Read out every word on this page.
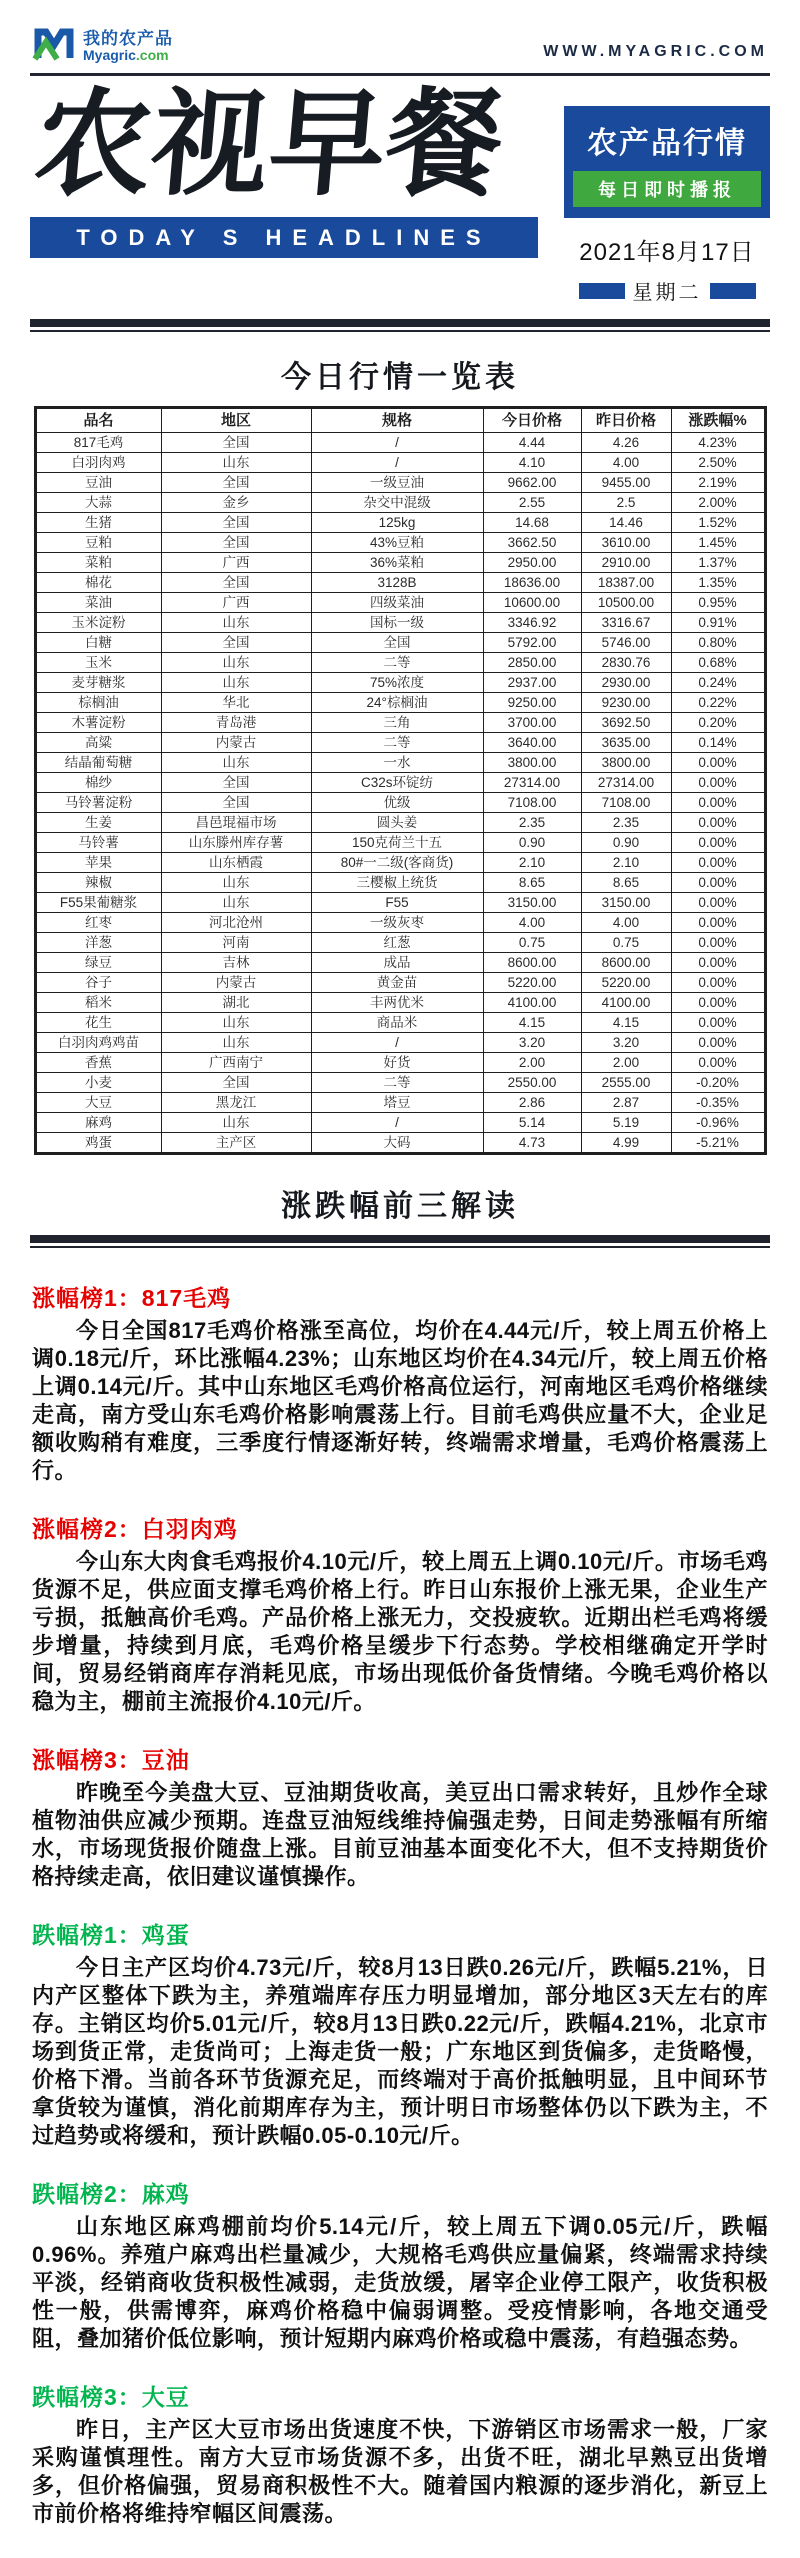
我的农产品
Myagric.com	WWW.MYAGRIC.COM
农视早餐
TODAY S HEADLINES
农产品行情
每日即时播报
2021年8月17日
星期二
今日行情一览表
品名	地区	规格	今日价格	昨日价格	涨跌幅%
817毛鸡	全国	/	4.44	4.26	4.23%
白羽肉鸡	山东	/	4.10	4.00	2.50%
豆油	全国	一级豆油	9662.00	9455.00	2.19%
大蒜	金乡	杂交中混级	2.55	2.5	2.00%
生猪	全国	125kg	14.68	14.46	1.52%
豆粕	全国	43%豆粕	3662.50	3610.00	1.45%
菜粕	广西	36%菜粕	2950.00	2910.00	1.37%
棉花	全国	3128B	18636.00	18387.00	1.35%
菜油	广西	四级菜油	10600.00	10500.00	0.95%
玉米淀粉	山东	国标一级	3346.92	3316.67	0.91%
白糖	全国	全国	5792.00	5746.00	0.80%
玉米	山东	二等	2850.00	2830.76	0.68%
麦芽糖浆	山东	75%浓度	2937.00	2930.00	0.24%
棕榈油	华北	24°棕榈油	9250.00	9230.00	0.22%
木薯淀粉	青岛港	三角	3700.00	3692.50	0.20%
高粱	内蒙古	二等	3640.00	3635.00	0.14%
结晶葡萄糖	山东	一水	3800.00	3800.00	0.00%
棉纱	全国	C32s环锭纺	27314.00	27314.00	0.00%
马铃薯淀粉	全国	优级	7108.00	7108.00	0.00%
生姜	昌邑琨福市场	圆头姜	2.35	2.35	0.00%
马铃薯	山东滕州库存薯	150克荷兰十五	0.90	0.90	0.00%
苹果	山东栖霞	80#一二级(客商货)	2.10	2.10	0.00%
辣椒	山东	三樱椒上统货	8.65	8.65	0.00%
F55果葡糖浆	山东	F55	3150.00	3150.00	0.00%
红枣	河北沧州	一级灰枣	4.00	4.00	0.00%
洋葱	河南	红葱	0.75	0.75	0.00%
绿豆	吉林	成品	8600.00	8600.00	0.00%
谷子	内蒙古	黄金苗	5220.00	5220.00	0.00%
稻米	湖北	丰两优米	4100.00	4100.00	0.00%
花生	山东	商品米	4.15	4.15	0.00%
白羽肉鸡鸡苗	山东	/	3.20	3.20	0.00%
香蕉	广西南宁	好货	2.00	2.00	0.00%
小麦	全国	二等	2550.00	2555.00	-0.20%
大豆	黑龙江	塔豆	2.86	2.87	-0.35%
麻鸡	山东	/	5.14	5.19	-0.96%
鸡蛋	主产区	大码	4.73	4.99	-5.21%
涨跌幅前三解读
涨幅榜1：817毛鸡

今日全国817毛鸡价格涨至高位，均价在4.44元/斤，较上周五价格上调0.18元/斤，环比涨幅4.23%；山东地区均价在4.34元/斤，较上周五价格上调0.14元/斤。其中山东地区毛鸡价格高位运行，河南地区毛鸡价格继续走高，南方受山东毛鸡价格影响震荡上行。目前毛鸡供应量不大，企业足额收购稍有难度，三季度行情逐渐好转，终端需求增量，毛鸡价格震荡上行。

涨幅榜2：白羽肉鸡

今山东大肉食毛鸡报价4.10元/斤，较上周五上调0.10元/斤。市场毛鸡货源不足，供应面支撑毛鸡价格上行。昨日山东报价上涨无果，企业生产亏损，抵触高价毛鸡。产品价格上涨无力，交投疲软。近期出栏毛鸡将缓步增量，持续到月底，毛鸡价格呈缓步下行态势。学校相继确定开学时间，贸易经销商库存消耗见底，市场出现低价备货情绪。今晚毛鸡价格以稳为主，棚前主流报价4.10元/斤。

涨幅榜3：豆油

昨晚至今美盘大豆、豆油期货收高，美豆出口需求转好，且炒作全球植物油供应减少预期。连盘豆油短线维持偏强走势，日间走势涨幅有所缩水，市场现货报价随盘上涨。目前豆油基本面变化不大，但不支持期货价格持续走高，依旧建议谨慎操作。

跌幅榜1：鸡蛋

今日主产区均价4.73元/斤，较8月13日跌0.26元/斤，跌幅5.21%，日内产区整体下跌为主，养殖端库存压力明显增加，部分地区3天左右的库存。主销区均价5.01元/斤，较8月13日跌0.22元/斤，跌幅4.21%，北京市场到货正常，走货尚可；上海走货一般；广东地区到货偏多，走货略慢，价格下滑。当前各环节货源充足，而终端对于高价抵触明显，且中间环节拿货较为谨慎，消化前期库存为主，预计明日市场整体仍以下跌为主，不过趋势或将缓和，预计跌幅0.05-0.10元/斤。

跌幅榜2：麻鸡

山东地区麻鸡棚前均价5.14元/斤，较上周五下调0.05元/斤，跌幅0.96%。养殖户麻鸡出栏量减少，大规格毛鸡供应量偏紧，终端需求持续平淡，经销商收货积极性减弱，走货放缓，屠宰企业停工限产，收货积极性一般，供需博弈，麻鸡价格稳中偏弱调整。受疫情影响，各地交通受阻，叠加猪价低位影响，预计短期内麻鸡价格或稳中震荡，有趋强态势。

跌幅榜3：大豆

昨日，主产区大豆市场出货速度不快，下游销区市场需求一般，厂家采购谨慎理性。南方大豆市场货源不多，出货不旺，湖北早熟豆出货增多，但价格偏强，贸易商积极性不大。随着国内粮源的逐步消化，新豆上市前价格将维持窄幅区间震荡。
